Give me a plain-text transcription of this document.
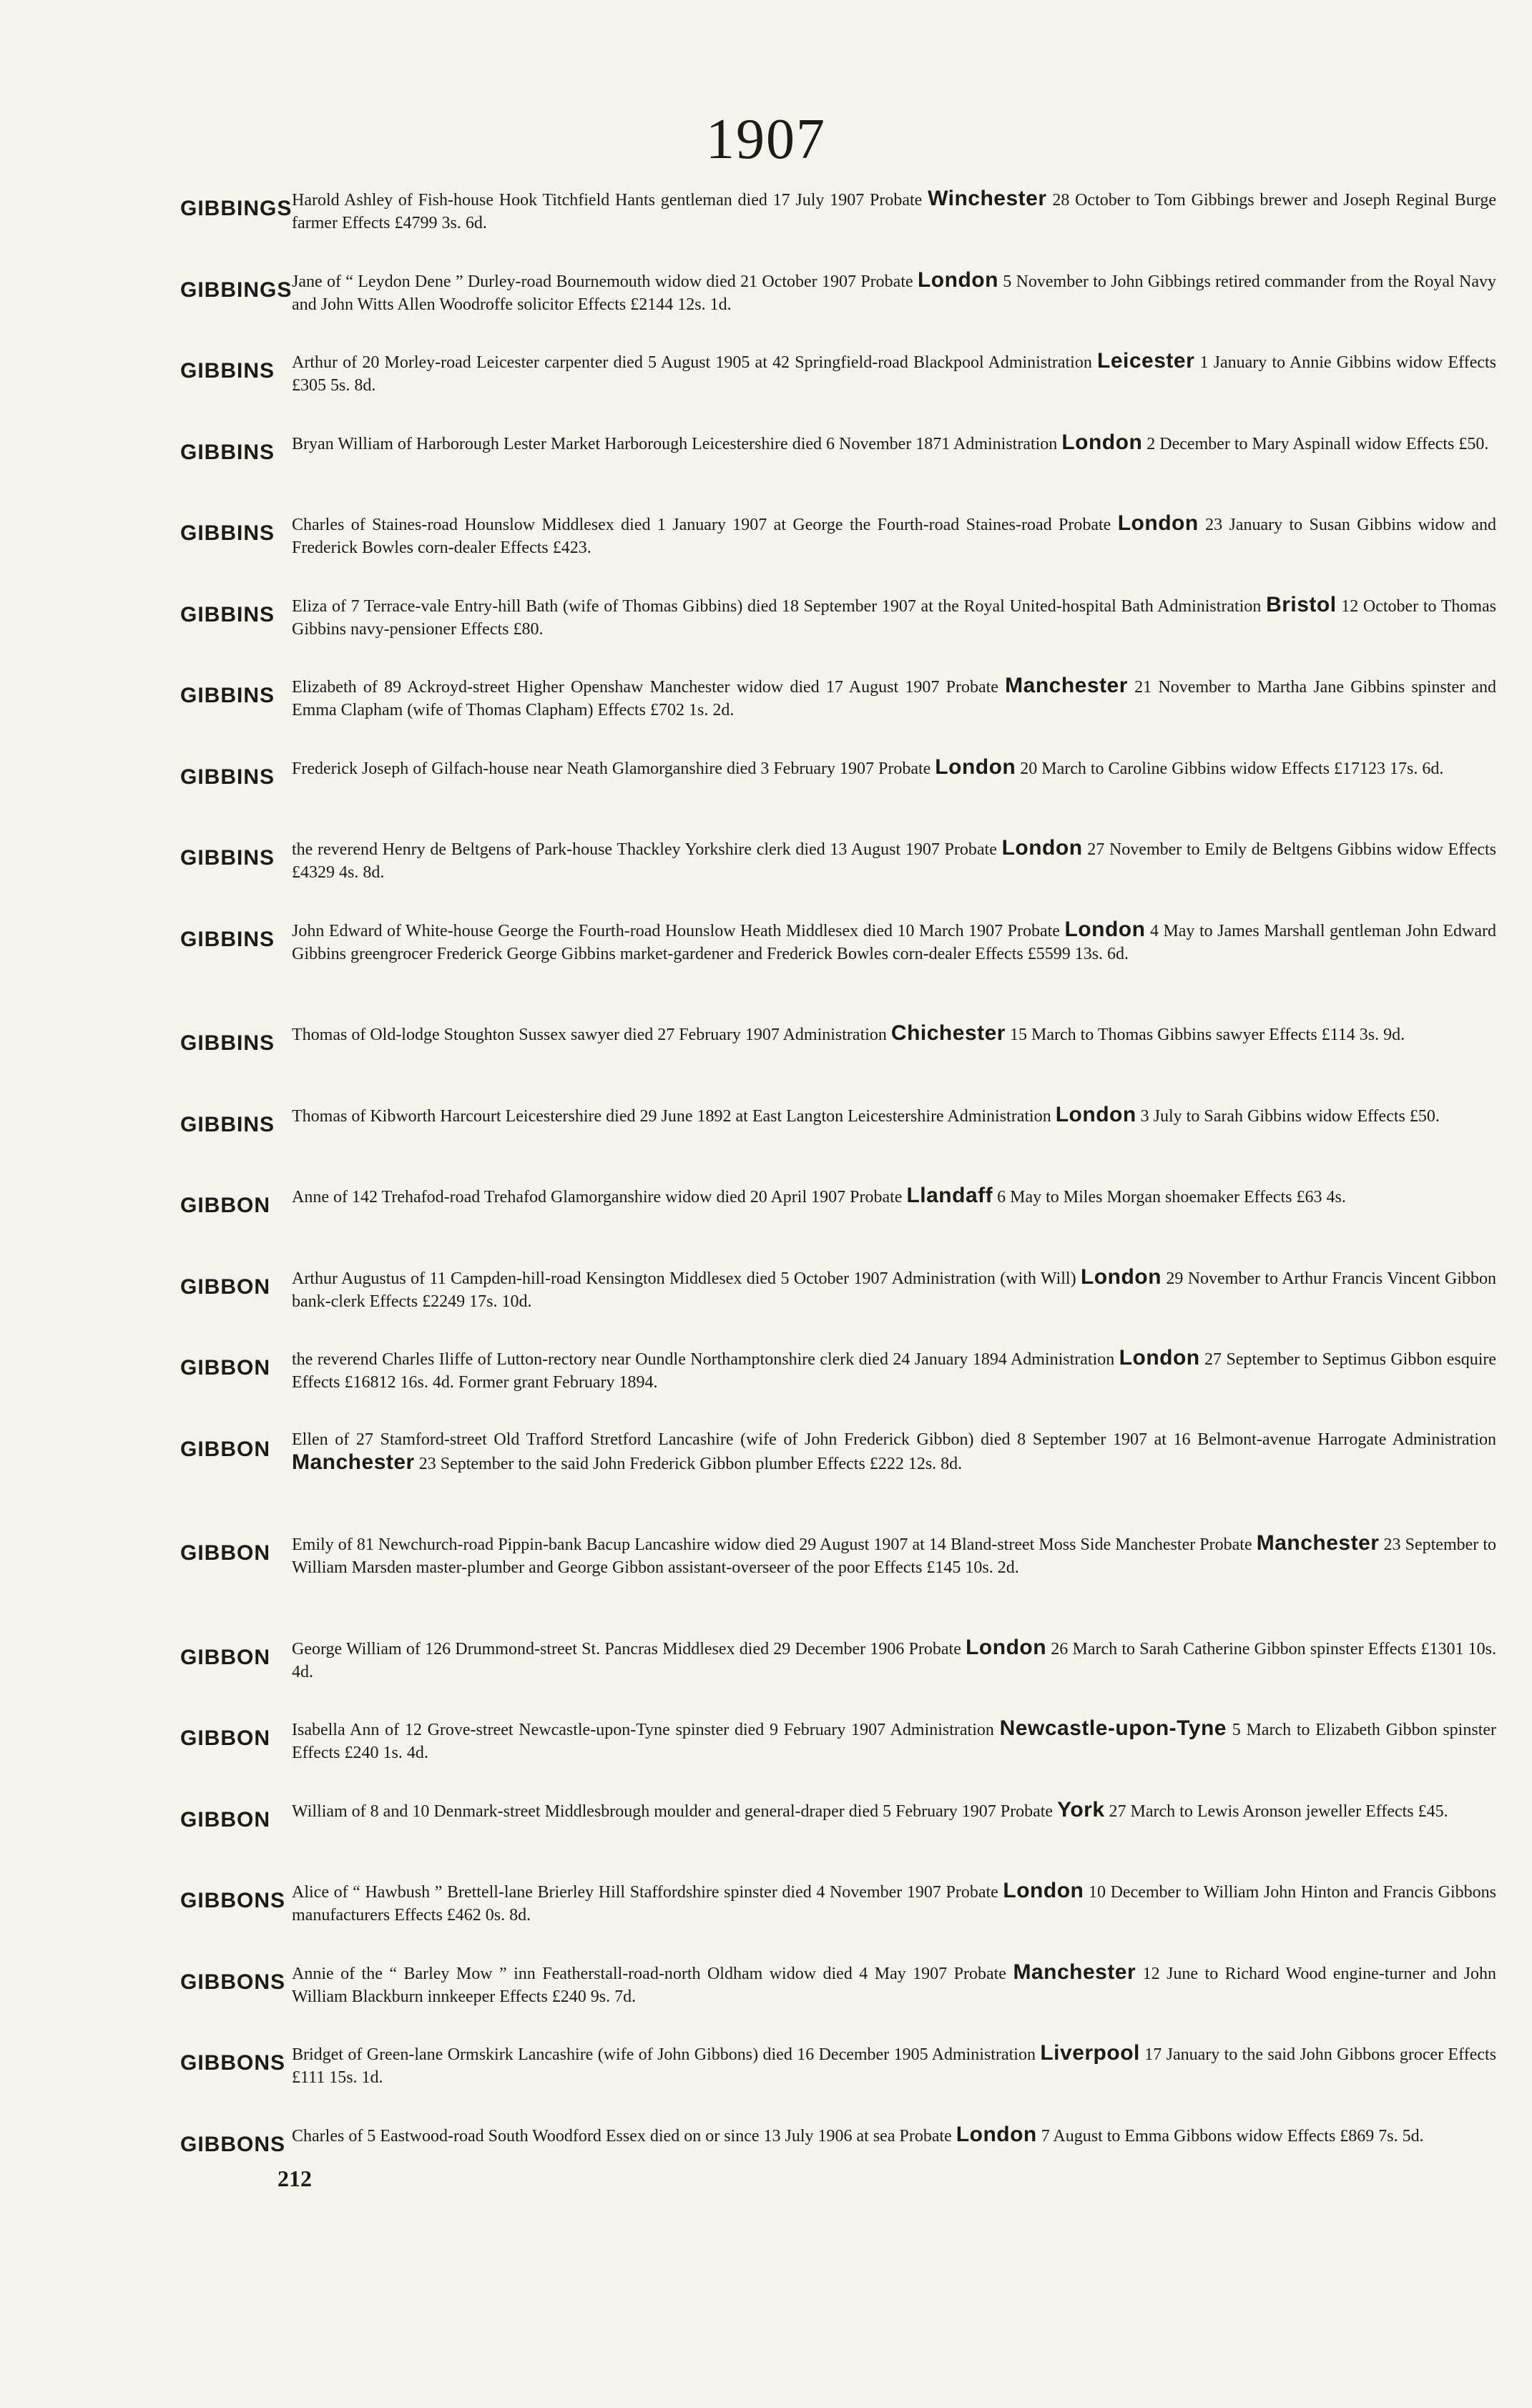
1907
GIBBINGS Harold Ashley of Fish-house Hook Titchfield Hants gentleman died 17 July 1907 Probate Winchester 28 October to Tom Gibbings brewer and Joseph Reginal Burge farmer Effects £4799 3s. 6d.
GIBBINGS Jane of “ Leydon Dene ” Durley-road Bournemouth widow died 21 October 1907 Probate London 5 November to John Gibbings retired commander from the Royal Navy and John Witts Allen Woodroffe solicitor Effects £2144 12s. 1d.
GIBBINS Arthur of 20 Morley-road Leicester carpenter died 5 August 1905 at 42 Springfield-road Blackpool Administration Leicester 1 January to Annie Gibbins widow Effects £305 5s. 8d.
GIBBINS Bryan William of Harborough Lester Market Harborough Leicestershire died 6 November 1871 Administration London 2 December to Mary Aspinall widow Effects £50.
GIBBINS Charles of Staines-road Hounslow Middlesex died 1 January 1907 at George the Fourth-road Staines-road Probate London 23 January to Susan Gibbins widow and Frederick Bowles corn-dealer Effects £423.
GIBBINS Eliza of 7 Terrace-vale Entry-hill Bath (wife of Thomas Gibbins) died 18 September 1907 at the Royal United-hospital Bath Administration Bristol 12 October to Thomas Gibbins navy-pensioner Effects £80.
GIBBINS Elizabeth of 89 Ackroyd-street Higher Openshaw Manchester widow died 17 August 1907 Probate Manchester 21 November to Martha Jane Gibbins spinster and Emma Clapham (wife of Thomas Clapham) Effects £702 1s. 2d.
GIBBINS Frederick Joseph of Gilfach-house near Neath Glamorganshire died 3 February 1907 Probate London 20 March to Caroline Gibbins widow Effects £17123 17s. 6d.
GIBBINS the reverend Henry de Beltgens of Park-house Thackley Yorkshire clerk died 13 August 1907 Probate London 27 November to Emily de Beltgens Gibbins widow Effects £4329 4s. 8d.
GIBBINS John Edward of White-house George the Fourth-road Hounslow Heath Middlesex died 10 March 1907 Probate London 4 May to James Marshall gentleman John Edward Gibbins greengrocer Frederick George Gibbins market-gardener and Frederick Bowles corn-dealer Effects £5599 13s. 6d.
GIBBINS Thomas of Old-lodge Stoughton Sussex sawyer died 27 February 1907 Administration Chichester 15 March to Thomas Gibbins sawyer Effects £114 3s. 9d.
GIBBINS Thomas of Kibworth Harcourt Leicestershire died 29 June 1892 at East Langton Leicestershire Administration London 3 July to Sarah Gibbins widow Effects £50.
GIBBON Anne of 142 Trehafod-road Trehafod Glamorganshire widow died 20 April 1907 Probate Llandaff 6 May to Miles Morgan shoemaker Effects £63 4s.
GIBBON Arthur Augustus of 11 Campden-hill-road Kensington Middlesex died 5 October 1907 Administration (with Will) London 29 November to Arthur Francis Vincent Gibbon bank-clerk Effects £2249 17s. 10d.
GIBBON the reverend Charles Iliffe of Lutton-rectory near Oundle Northamptonshire clerk died 24 January 1894 Administration London 27 September to Septimus Gibbon esquire Effects £16812 16s. 4d. Former grant February 1894.
GIBBON Ellen of 27 Stamford-street Old Trafford Stretford Lancashire (wife of John Frederick Gibbon) died 8 September 1907 at 16 Belmont-avenue Harrogate Administration Manchester 23 September to the said John Frederick Gibbon plumber Effects £222 12s. 8d.
GIBBON Emily of 81 Newchurch-road Pippin-bank Bacup Lancashire widow died 29 August 1907 at 14 Bland-street Moss Side Manchester Probate Manchester 23 September to William Marsden master-plumber and George Gibbon assistant-overseer of the poor Effects £145 10s. 2d.
GIBBON George William of 126 Drummond-street St. Pancras Middlesex died 29 December 1906 Probate London 26 March to Sarah Catherine Gibbon spinster Effects £1301 10s. 4d.
GIBBON Isabella Ann of 12 Grove-street Newcastle-upon-Tyne spinster died 9 February 1907 Administration Newcastle-upon-Tyne 5 March to Elizabeth Gibbon spinster Effects £240 1s. 4d.
GIBBON William of 8 and 10 Denmark-street Middlesbrough moulder and general-draper died 5 February 1907 Probate York 27 March to Lewis Aronson jeweller Effects £45.
GIBBONS Alice of “ Hawbush ” Brettell-lane Brierley Hill Staffordshire spinster died 4 November 1907 Probate London 10 December to William John Hinton and Francis Gibbons manufacturers Effects £462 0s. 8d.
GIBBONS Annie of the “ Barley Mow ” inn Featherstall-road-north Oldham widow died 4 May 1907 Probate Manchester 12 June to Richard Wood engine-turner and John William Blackburn innkeeper Effects £240 9s. 7d.
GIBBONS Bridget of Green-lane Ormskirk Lancashire (wife of John Gibbons) died 16 December 1905 Administration Liverpool 17 January to the said John Gibbons grocer Effects £111 15s. 1d.
GIBBONS Charles of 5 Eastwood-road South Woodford Essex died on or since 13 July 1906 at sea Probate London 7 August to Emma Gibbons widow Effects £869 7s. 5d.
212
